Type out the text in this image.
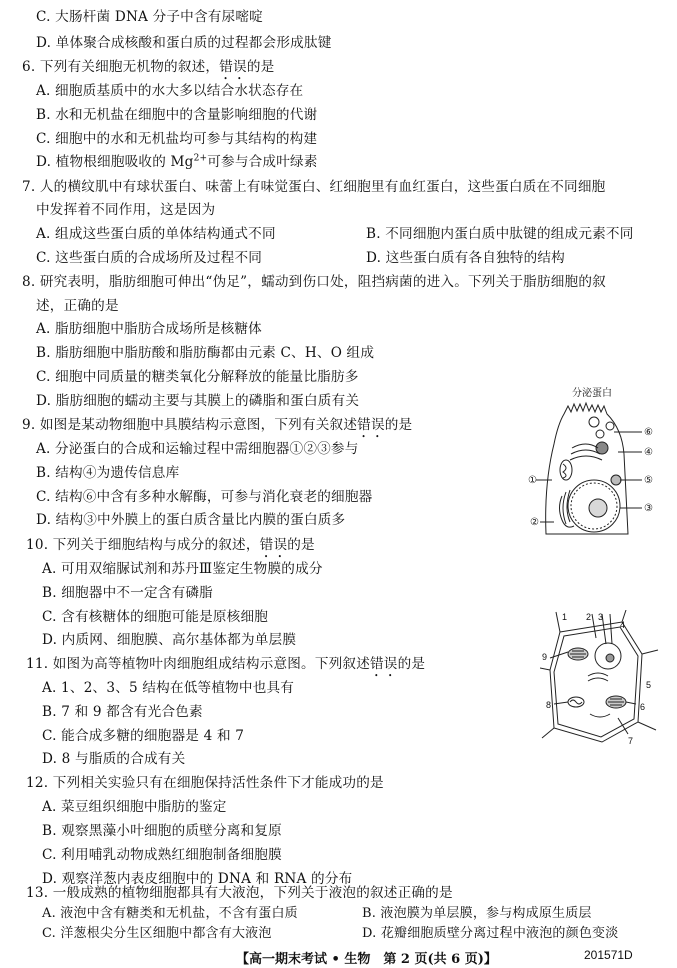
C. 大肠杆菌 DNA 分子中含有尿嘧啶
D. 单体聚合成核酸和蛋白质的过程都会形成肽键
6. 下列有关细胞无机物的叙述，错误的是
A. 细胞质基质中的水大多以结合水状态存在
B. 水和无机盐在细胞中的含量影响细胞的代谢
C. 细胞中的水和无机盐均可参与其结构的构建
D. 植物根细胞吸收的 $Mg^{2+}$可参与合成叶绿素
7. 人的横纹肌中有球状蛋白、味蕾上有味觉蛋白、红细胞里有血红蛋白，这些蛋白质在不同细胞
中发挥着不同作用，这是因为
A. 组成这些蛋白质的单体结构通式不同	B. 不同细胞内蛋白质中肽键的组成元素不同
C. 这些蛋白质的合成场所及过程不同	D. 这些蛋白质有各自独特的结构
8. 研究表明，脂肪细胞可伸出“伪足”，蠕动到伤口处，阻挡病菌的进入。下列关于脂肪细胞的叙
述，正确的是
A. 脂肪细胞中脂肪合成场所是核糖体
B. 脂肪细胞中脂肪酸和脂肪酶都由元素 C、H、O 组成
C. 细胞中同质量的糖类氧化分解释放的能量比脂肪多
D. 脂肪细胞的蠕动主要与其膜上的磷脂和蛋白质有关
9. 如图是某动物细胞中具膜结构示意图，下列有关叙述错误的是
A. 分泌蛋白的合成和运输过程中需细胞器①②③参与
B. 结构④为遗传信息库
C. 结构⑥中含有多种水解酶，可参与消化衰老的细胞器
D. 结构③中外膜上的蛋白质含量比内膜的蛋白质多
分泌蛋白
①
②
③
⑤
④
⑥
10. 下列关于细胞结构与成分的叙述，错误的是
A. 可用双缩脲试剂和苏丹Ⅲ鉴定生物膜的成分
B. 细胞器中不一定含有磷脂
C. 含有核糖体的细胞可能是原核细胞
D. 内质网、细胞膜、高尔基体都为单层膜
11. 如图为高等植物叶肉细胞组成结构示意图。下列叙述错误的是
A. 1、2、3、5 结构在低等植物中也具有
B. 7 和 9 都含有光合色素
C. 能合成多糖的细胞器是 4 和 7
D. 8 与脂质的合成有关
1 2 3
4
5
6
7
8
9
12. 下列相关实验只有在细胞保持活性条件下才能成功的是
A. 菜豆组织细胞中脂肪的鉴定
B. 观察黑藻小叶细胞的质壁分离和复原
C. 利用哺乳动物成熟红细胞制备细胞膜
D. 观察洋葱内表皮细胞中的 DNA 和 RNA 的分布
13. 一般成熟的植物细胞都具有大液泡，下列关于液泡的叙述正确的是
A. 液泡中含有糖类和无机盐，不含有蛋白质	B. 液泡膜为单层膜，参与构成原生质层
【高一期末考试 • 生物　第 2 页(共 6 页)】	201571D
C. 洋葱根尖分生区细胞中都含有大液泡	D. 花瓣细胞质壁分离过程中液泡的颜色变淡
